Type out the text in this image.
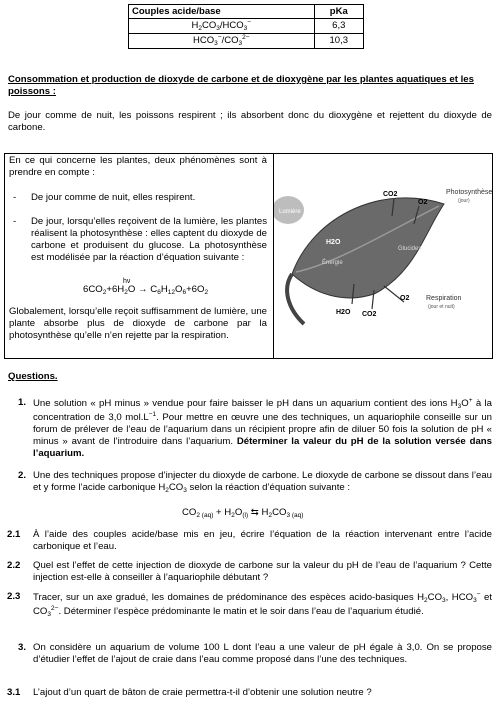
Couples acide/base	pKa
$H_2CO_3/HCO_3^-$	6,3
$HCO_3^-/CO_3^{2-}$	10,3
Consommation et production de dioxyde de carbone et de dioxygène par les plantes aquatiques et les poissons :
De jour comme de nuit, les poissons respirent ; ils absorbent donc du dioxygène et rejettent du dioxyde de carbone.
En ce qui concerne les plantes, deux phénomènes sont à prendre en compte :
- De jour comme de nuit, elles respirent.
- De jour, lorsqu’elles reçoivent de la lumière, les plantes réalisent la photosynthèse : elles captent du dioxyde de carbone et produisent du glucose. La photosynthèse est modélisée par la réaction d’équation suivante :
hν
$6CO_2+6H_2O \to C_6H_{12}O_6+6O_2$
Globalement, lorsqu’elle reçoit suffisamment de lumière, une plante absorbe plus de dioxyde de carbone par la photosynthèse qu’elle n’en rejette par la respiration.
Lumière
CO2
O2
H2O
Glucides
Énergie
Photosynthèse
(jour)
O2
H2O CO2
Respiration
(jour et nuit)
Questions.
1. Une solution « pH minus » vendue pour faire baisser le pH dans un aquarium contient des ions $H_3O^+$ à la concentration de 3,0 $mol.L^{-1}$. Pour mettre en œuvre une des techniques, un aquariophile conseille sur un forum de prélever de l’eau de l’aquarium dans un récipient propre afin de diluer 50 fois la solution de pH « minus » avant de l’introduire dans l’aquarium. Déterminer la valeur du pH de la solution versée dans l’aquarium.
2. Une des techniques propose d’injecter du dioxyde de carbone. Le dioxyde de carbone se dissout dans l’eau et y forme l’acide carbonique $H_2CO_3$ selon la réaction d’équation suivante :
$CO_{2 (aq)} + H_2O_{(l)}$ ⇆ $H_2CO_{3 (aq)}$
2.1 À l’aide des couples acide/base mis en jeu, écrire l’équation de la réaction intervenant entre l’acide carbonique et l’eau.
2.2 Quel est l’effet de cette injection de dioxyde de carbone sur la valeur du pH de l’eau de l’aquarium ? Cette injection est-elle à conseiller à l’aquariophile débutant ?
2.3 Tracer, sur un axe gradué, les domaines de prédominance des espèces acido-basiques $H_2CO_3$, $HCO_3^-$ et $CO_3^{2-}$. Déterminer l’espèce prédominante le matin et le soir dans l’eau de l’aquarium étudié.
3. On considère un aquarium de volume 100 L dont l’eau a une valeur de pH égale à 3,0. On se propose d’étudier l’effet de l’ajout de craie dans l’eau comme proposé dans l’une des techniques.
3.1 L’ajout d’un quart de bâton de craie permettra-t-il d’obtenir une solution neutre ?
